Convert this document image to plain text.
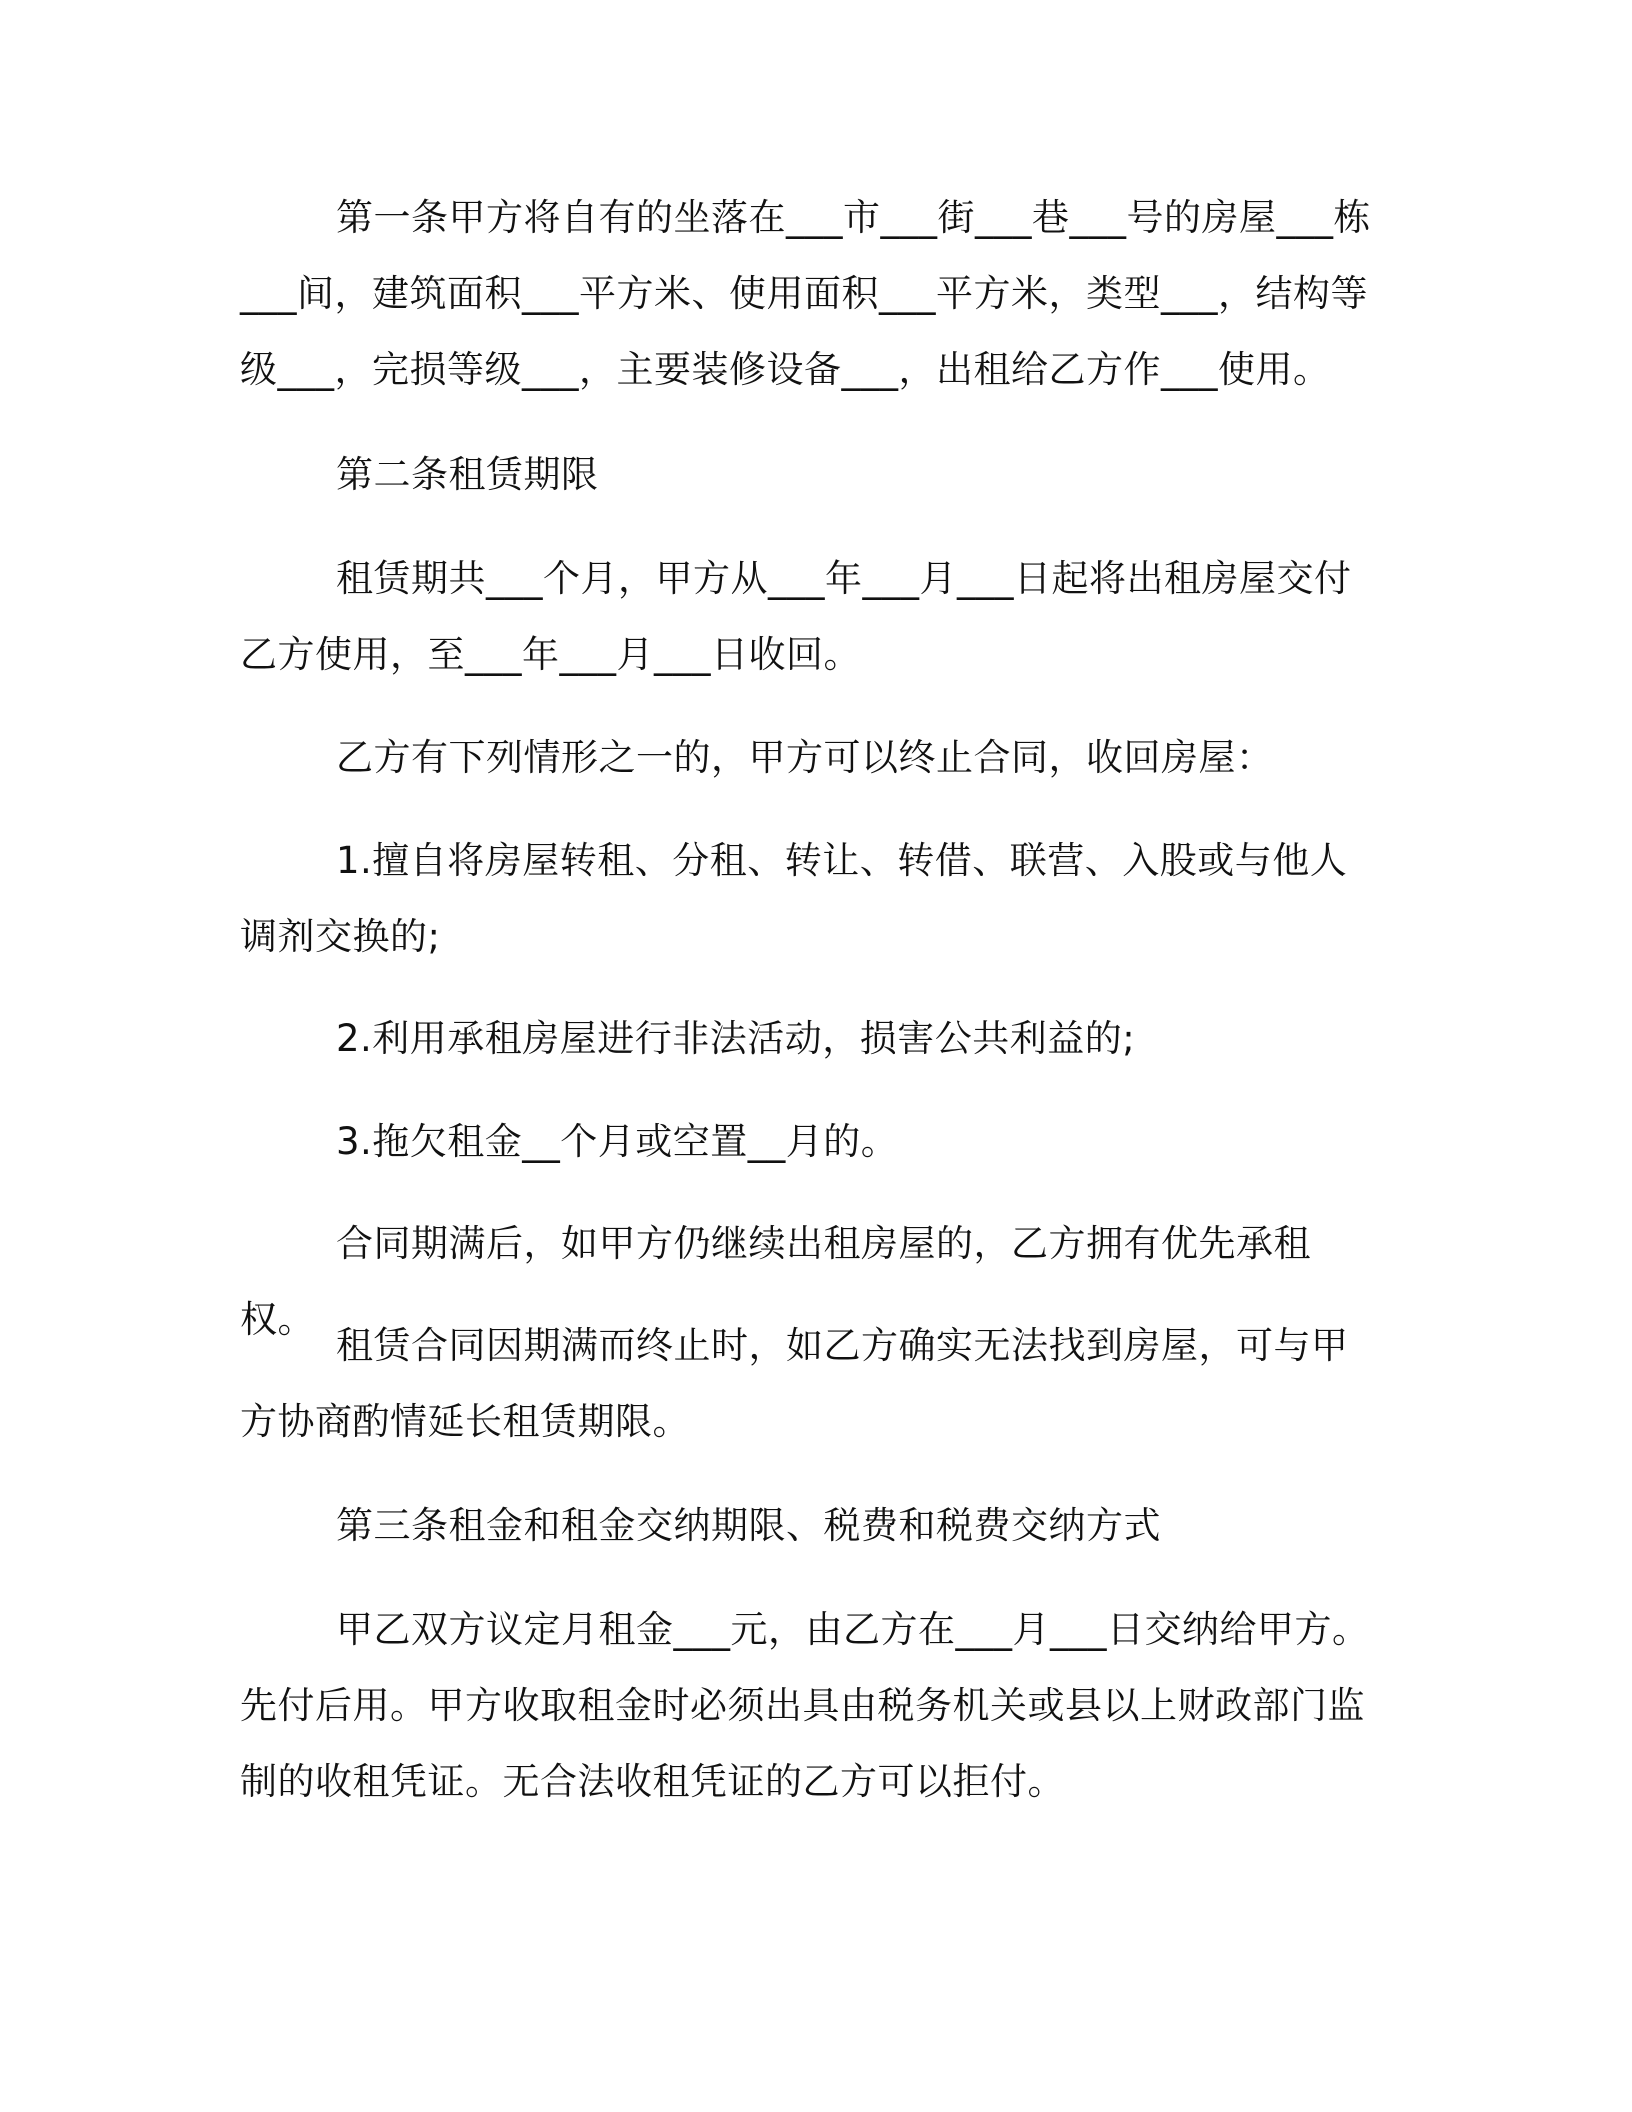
第一条甲方将自有的坐落在___市___街___巷___号的房屋___栋___间，建筑面积___平方米、使用面积___平方米，类型___，结构等级___，完损等级___，主要装修设备___，出租给乙方作___使用。

第二条租赁期限

租赁期共___个月，甲方从___年___月___日起将出租房屋交付乙方使用，至___年___月___日收回。

乙方有下列情形之一的，甲方可以终止合同，收回房屋：

1.擅自将房屋转租、分租、转让、转借、联营、入股或与他人调剂交换的;

2.利用承租房屋进行非法活动，损害公共利益的;

3.拖欠租金__个月或空置__月的。

合同期满后，如甲方仍继续出租房屋的，乙方拥有优先承租权。

租赁合同因期满而终止时，如乙方确实无法找到房屋，可与甲方协商酌情延长租赁期限。

第三条租金和租金交纳期限、税费和税费交纳方式

甲乙双方议定月租金___元，由乙方在___月___日交纳给甲方。先付后用。甲方收取租金时必须出具由税务机关或县以上财政部门监制的收租凭证。无合法收租凭证的乙方可以拒付。
